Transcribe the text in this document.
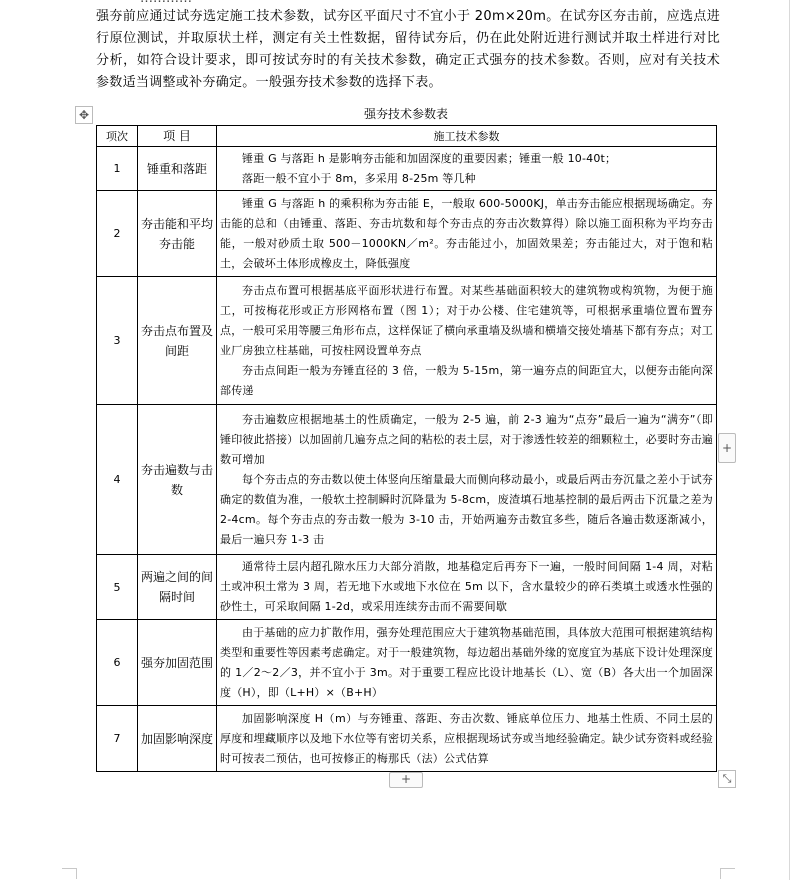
强夯前应通过试夯选定施工技术参数，试夯区平面尺寸不宜小于 20m×20m。在试夯区夯击前，应选点进行原位测试，并取原状土样，测定有关土性数据，留待试夯后，仍在此处附近进行测试并取土样进行对比分析，如符合设计要求，即可按试夯时的有关技术参数，确定正式强夯的技术参数。否则，应对有关技术参数适当调整或补夯确定。一般强夯技术参数的选择下表。
强夯技术参数表
✥
项次	项 目	施工技术参数
1	锤重和落距	锤重 G 与落距 h 是影响夯击能和加固深度的重要因素；锤重一般 10-40t；

落距一般不宜小于 8m，多采用 8-25m 等几种

2	夯击能和平均夯击能	锤重 G 与落距 h 的乘积称为夯击能 E，一般取 600-5000KJ，单击夯击能应根据现场确定。夯击能的总和（由锤重、落距、夯击坑数和每个夯击点的夯击次数算得）除以施工面积称为平均夯击能，一般对砂质土取 500－1000KN／m²。夯击能过小，加固效果差；夯击能过大，对于饱和粘土，会破坏土体形成橡皮土，降低强度

3	夯击点布置及间距	夯击点布置可根据基底平面形状进行布置。对某些基础面积较大的建筑物或构筑物，为便于施工，可按梅花形或正方形网格布置（图 1）；对于办公楼、住宅建筑等，可根据承重墙位置布置夯点，一般可采用等腰三角形布点，这样保证了横向承重墙及纵墙和横墙交接处墙基下都有夯点；对工业厂房独立柱基础，可按柱网设置单夯点

夯击点间距一般为夯锤直径的 3 倍，一般为 5-15m，第一遍夯点的间距宜大，以便夯击能向深部传递

4	夯击遍数与击数	夯击遍数应根据地基土的性质确定，一般为 2-5 遍，前 2-3 遍为“点夯”最后一遍为“满夯”（即锤印彼此搭接）以加固前几遍夯点之间的粘松的表土层，对于渗透性较差的细颗粒土，必要时夯击遍数可增加

每个夯击点的夯击数以使土体竖向压缩量最大而侧向移动最小，或最后两击夯沉量之差小于试夯确定的数值为准，一般软土控制瞬时沉降量为 5-8cm，废渣填石地基控制的最后两击下沉量之差为 2-4cm。每个夯击点的夯击数一般为 3-10 击，开始两遍夯击数宜多些，随后各遍击数逐渐减小，最后一遍只夯 1-3 击

5	两遍之间的间隔时间	通常待土层内超孔隙水压力大部分消散，地基稳定后再夯下一遍，一般时间间隔 1-4 周，对粘土或冲积土常为 3 周，若无地下水或地下水位在 5m 以下，含水量较少的碎石类填土或透水性强的砂性土，可采取间隔 1-2d，或采用连续夯击而不需要间歇

6	强夯加固范围	由于基础的应力扩散作用，强夯处理范围应大于建筑物基础范围，具体放大范围可根据建筑结构类型和重要性等因素考虑确定。对于一般建筑物，每边超出基础外缘的宽度宜为基底下设计处理深度的 1／2～2／3，并不宜小于 3m。对于重要工程应比设计地基长（L）、宽（B）各大出一个加固深度（H），即（L+H）×（B+H）

7	加固影响深度	加固影响深度 H（m）与夯锤重、落距、夯击次数、锤底单位压力、地基土性质、不同土层的厚度和埋藏顺序以及地下水位等有密切关系，应根据现场试夯或当地经验确定。缺少试夯资料或经验时可按表二预估，也可按修正的梅那氏（法）公式估算

+
+
⤡
